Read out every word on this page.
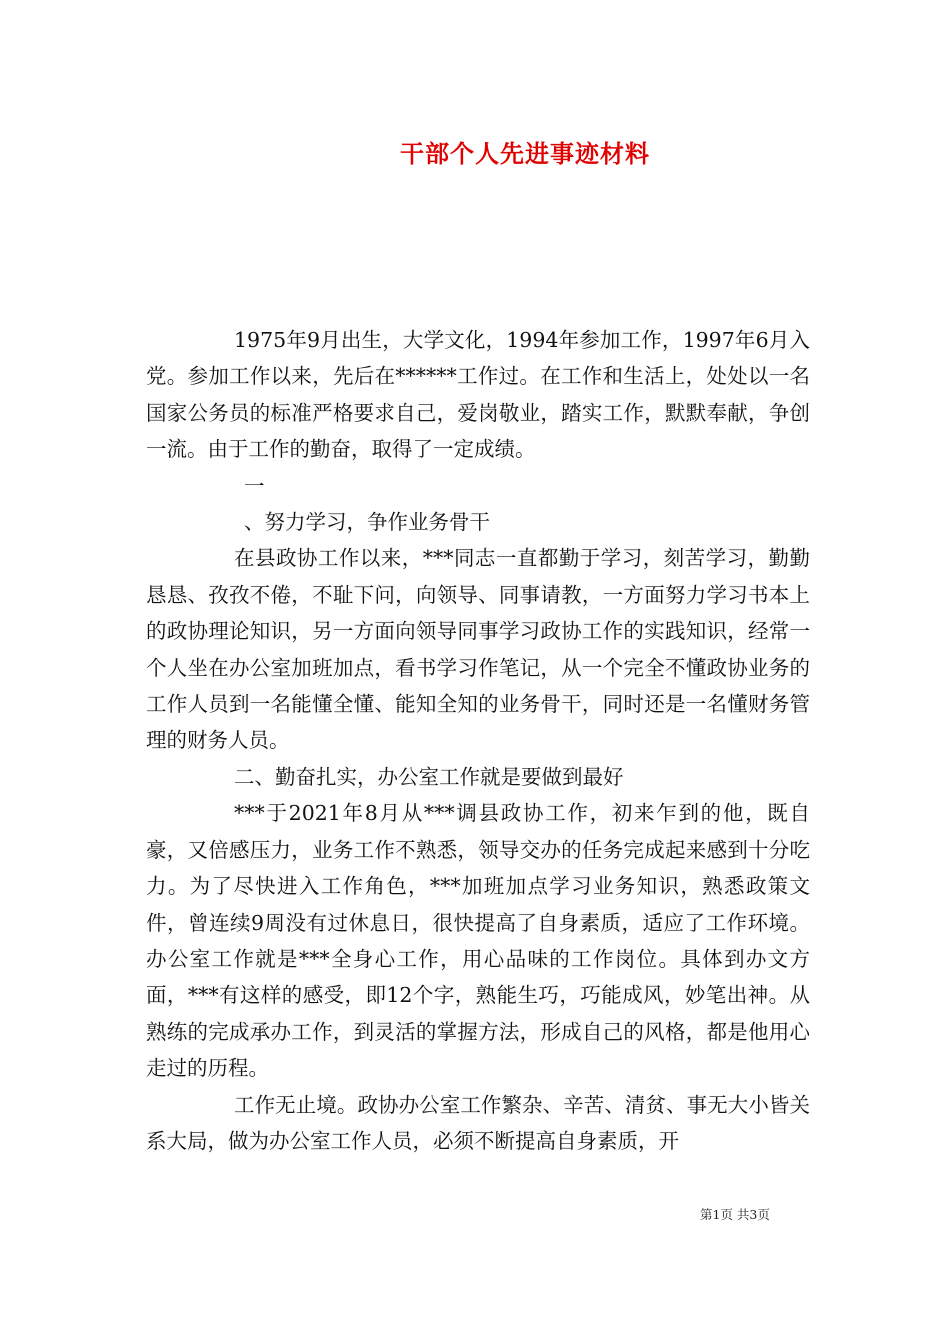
干部个人先进事迹材料

1975年9月出生，大学文化，1994年参加工作，1997年6月入党。参加工作以来，先后在******工作过。在工作和生活上，处处以一名国家公务员的标准严格要求自己，爱岗敬业，踏实工作，默默奉献，争创一流。由于工作的勤奋，取得了一定成绩。

一

、努力学习，争作业务骨干

在县政协工作以来，***同志一直都勤于学习，刻苦学习，勤勤恳恳、孜孜不倦，不耻下问，向领导、同事请教，一方面努力学习书本上的政协理论知识，另一方面向领导同事学习政协工作的实践知识，经常一个人坐在办公室加班加点，看书学习作笔记，从一个完全不懂政协业务的工作人员到一名能懂全懂、能知全知的业务骨干，同时还是一名懂财务管理的财务人员。

二、勤奋扎实，办公室工作就是要做到最好

***于2021年8月从***调县政协工作，初来乍到的他，既自豪，又倍感压力，业务工作不熟悉，领导交办的任务完成起来感到十分吃力。为了尽快进入工作角色，***加班加点学习业务知识，熟悉政策文件，曾连续9周没有过休息日，很快提高了自身素质，适应了工作环境。办公室工作就是***全身心工作，用心品味的工作岗位。具体到办文方面，***有这样的感受，即12个字，熟能生巧，巧能成风，妙笔出神。从熟练的完成承办工作，到灵活的掌握方法，形成自己的风格，都是他用心走过的历程。

工作无止境。政协办公室工作繁杂、辛苦、清贫、事无大小皆关系大局，做为办公室工作人员，必须不断提高自身素质，开

第1页 共3页
